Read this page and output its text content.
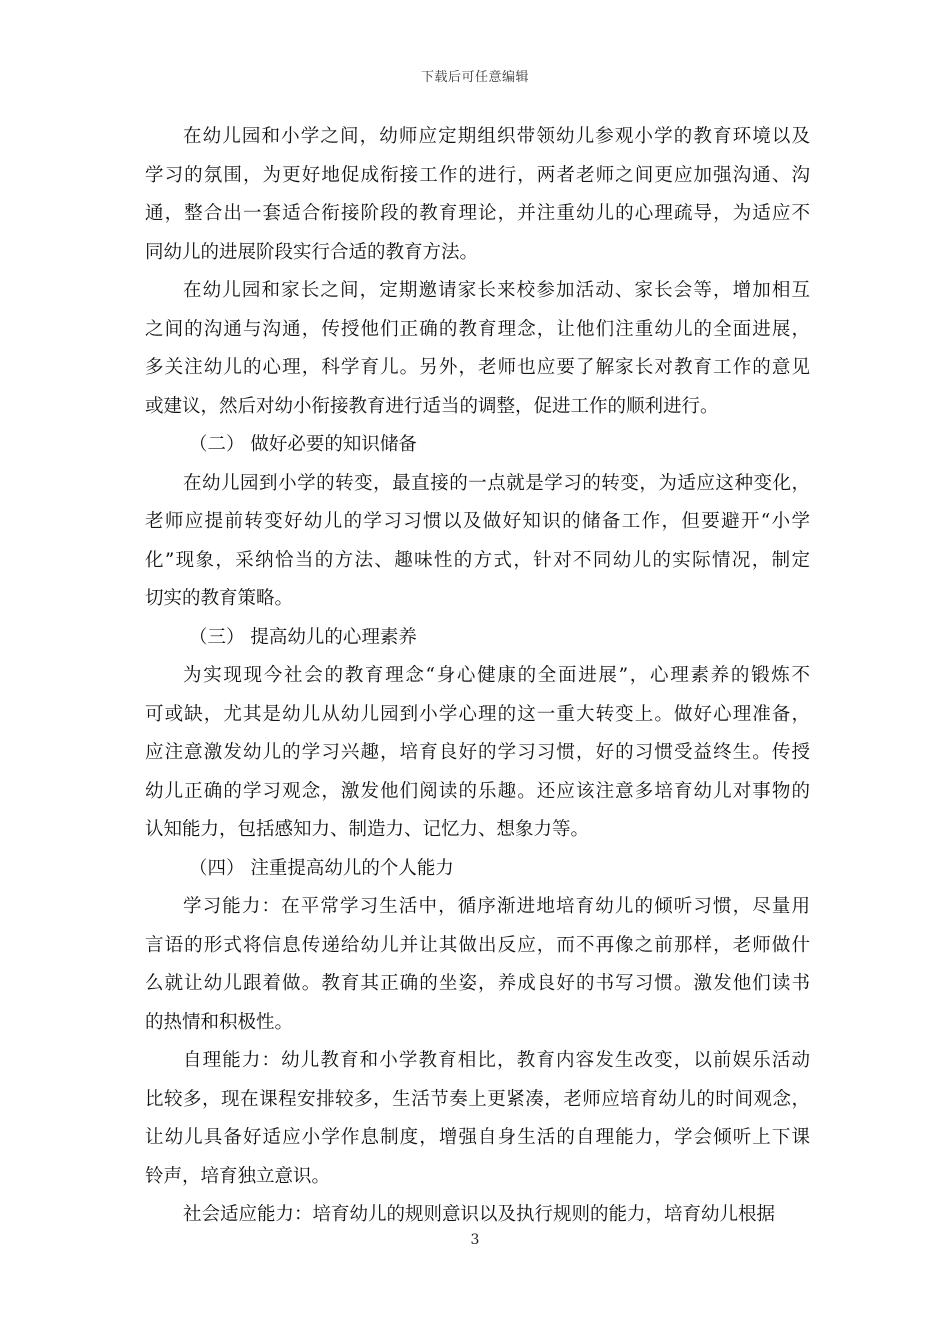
下载后可任意编辑
在幼儿园和小学之间，幼师应定期组织带领幼儿参观小学的教育环境以及
学习的氛围，为更好地促成衔接工作的进行，两者老师之间更应加强沟通、沟
通，整合出一套适合衔接阶段的教育理论，并注重幼儿的心理疏导，为适应不
同幼儿的进展阶段实行合适的教育方法。
在幼儿园和家长之间，定期邀请家长来校参加活动、家长会等，增加相互
之间的沟通与沟通，传授他们正确的教育理念，让他们注重幼儿的全面进展，
多关注幼儿的心理，科学育儿。另外，老师也应要了解家长对教育工作的意见
或建议，然后对幼小衔接教育进行适当的调整，促进工作的顺利进行。
（二） 做好必要的知识储备
在幼儿园到小学的转变，最直接的一点就是学习的转变，为适应这种变化，
老师应提前转变好幼儿的学习习惯以及做好知识的储备工作，但要避开“小学
化”现象，采纳恰当的方法、趣味性的方式，针对不同幼儿的实际情况，制定
切实的教育策略。
（三） 提高幼儿的心理素养
为实现现今社会的教育理念“身心健康的全面进展”，心理素养的锻炼不
可或缺，尤其是幼儿从幼儿园到小学心理的这一重大转变上。做好心理准备，
应注意激发幼儿的学习兴趣，培育良好的学习习惯，好的习惯受益终生。传授
幼儿正确的学习观念，激发他们阅读的乐趣。还应该注意多培育幼儿对事物的
认知能力，包括感知力、制造力、记忆力、想象力等。
（四） 注重提高幼儿的个人能力
学习能力：在平常学习生活中，循序渐进地培育幼儿的倾听习惯，尽量用
言语的形式将信息传递给幼儿并让其做出反应，而不再像之前那样，老师做什
么就让幼儿跟着做。教育其正确的坐姿，养成良好的书写习惯。激发他们读书
的热情和积极性。
自理能力：幼儿教育和小学教育相比，教育内容发生改变，以前娱乐活动
比较多，现在课程安排较多，生活节奏上更紧凑，老师应培育幼儿的时间观念，
让幼儿具备好适应小学作息制度，增强自身生活的自理能力，学会倾听上下课
铃声，培育独立意识。
社会适应能力：培育幼儿的规则意识以及执行规则的能力，培育幼儿根据
3
